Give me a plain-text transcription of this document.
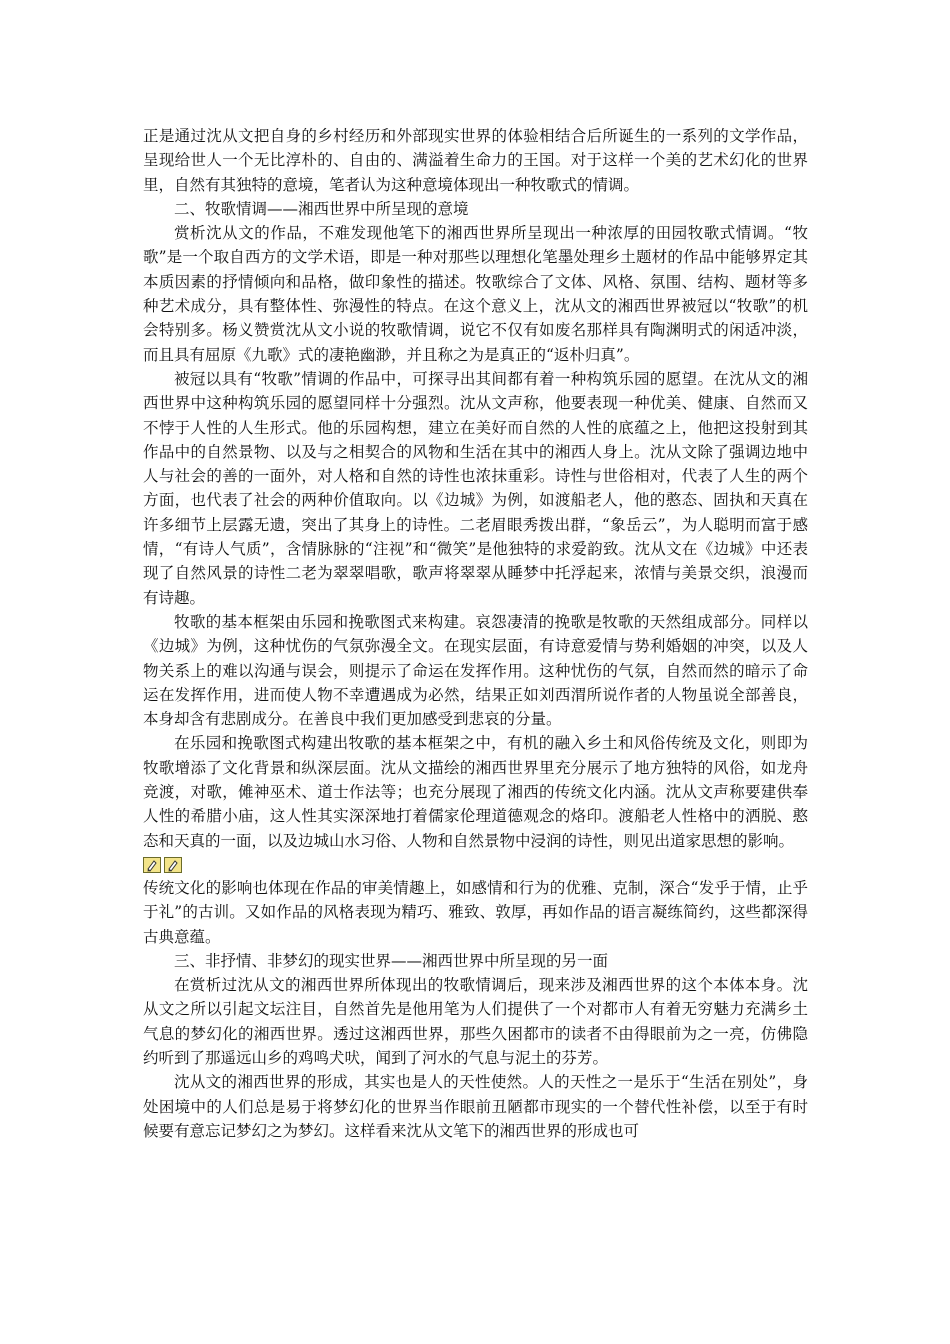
正是通过沈从文把自身的乡村经历和外部现实世界的体验相结合后所诞生的一系列的文学作品，呈现给世人一个无比淳朴的、自由的、满溢着生命力的王国。对于这样一个美的艺术幻化的世界里，自然有其独特的意境，笔者认为这种意境体现出一种牧歌式的情调。

二、牧歌情调——湘西世界中所呈现的意境

赏析沈从文的作品，不难发现他笔下的湘西世界所呈现出一种浓厚的田园牧歌式情调。“牧歌”是一个取自西方的文学术语，即是一种对那些以理想化笔墨处理乡土题材的作品中能够界定其本质因素的抒情倾向和品格，做印象性的描述。牧歌综合了文体、风格、氛围、结构、题材等多种艺术成分，具有整体性、弥漫性的特点。在这个意义上，沈从文的湘西世界被冠以“牧歌”的机会特别多。杨义赞赏沈从文小说的牧歌情调，说它不仅有如废名那样具有陶渊明式的闲适冲淡，而且具有屈原《九歌》式的凄艳幽渺，并且称之为是真正的“返朴归真”。

被冠以具有“牧歌”情调的作品中，可探寻出其间都有着一种构筑乐园的愿望。在沈从文的湘西世界中这种构筑乐园的愿望同样十分强烈。沈从文声称，他要表现一种优美、健康、自然而又不悖于人性的人生形式。他的乐园构想，建立在美好而自然的人性的底蕴之上，他把这投射到其作品中的自然景物、以及与之相契合的风物和生活在其中的湘西人身上。沈从文除了强调边地中人与社会的善的一面外，对人格和自然的诗性也浓抹重彩。诗性与世俗相对，代表了人生的两个方面，也代表了社会的两种价值取向。以《边城》为例，如渡船老人，他的憨态、固执和天真在许多细节上层露无遗，突出了其身上的诗性。二老眉眼秀拨出群，“象岳云”，为人聪明而富于感情，“有诗人气质”，含情脉脉的“注视”和“微笑”是他独特的求爱韵致。沈从文在《边城》中还表现了自然风景的诗性二老为翠翠唱歌，歌声将翠翠从睡梦中托浮起来，浓情与美景交织，浪漫而有诗趣。

牧歌的基本框架由乐园和挽歌图式来构建。哀怨凄清的挽歌是牧歌的天然组成部分。同样以《边城》为例，这种忧伤的气氛弥漫全文。在现实层面，有诗意爱情与势利婚姻的冲突，以及人物关系上的难以沟通与误会，则提示了命运在发挥作用。这种忧伤的气氛，自然而然的暗示了命运在发挥作用，进而使人物不幸遭遇成为必然，结果正如刘西渭所说作者的人物虽说全部善良，本身却含有悲剧成分。在善良中我们更加感受到悲哀的分量。

在乐园和挽歌图式构建出牧歌的基本框架之中，有机的融入乡土和风俗传统及文化，则即为牧歌增添了文化背景和纵深层面。沈从文描绘的湘西世界里充分展示了地方独特的风俗，如龙舟竞渡，对歌，傩神巫术、道士作法等；也充分展现了湘西的传统文化内涵。沈从文声称要建供奉人性的希腊小庙，这人性其实深深地打着儒家伦理道德观念的烙印。渡船老人性格中的洒脱、憨态和天真的一面，以及边城山水习俗、人物和自然景物中浸润的诗性，则见出道家思想的影响。

传统文化的影响也体现在作品的审美情趣上，如感情和行为的优雅、克制，深合“发乎于情，止乎于礼”的古训。又如作品的风格表现为精巧、雅致、敦厚，再如作品的语言凝练简约，这些都深得古典意蕴。

三、非抒情、非梦幻的现实世界——湘西世界中所呈现的另一面

在赏析过沈从文的湘西世界所体现出的牧歌情调后，现来涉及湘西世界的这个本体本身。沈从文之所以引起文坛注目，自然首先是他用笔为人们提供了一个对都市人有着无穷魅力充满乡土气息的梦幻化的湘西世界。透过这湘西世界，那些久困都市的读者不由得眼前为之一亮，仿佛隐约听到了那遥远山乡的鸡鸣犬吠，闻到了河水的气息与泥土的芬芳。

沈从文的湘西世界的形成，其实也是人的天性使然。人的天性之一是乐于“生活在别处”，身处困境中的人们总是易于将梦幻化的世界当作眼前丑陋都市现实的一个替代性补偿，以至于有时候要有意忘记梦幻之为梦幻。这样看来沈从文笔下的湘西世界的形成也可
